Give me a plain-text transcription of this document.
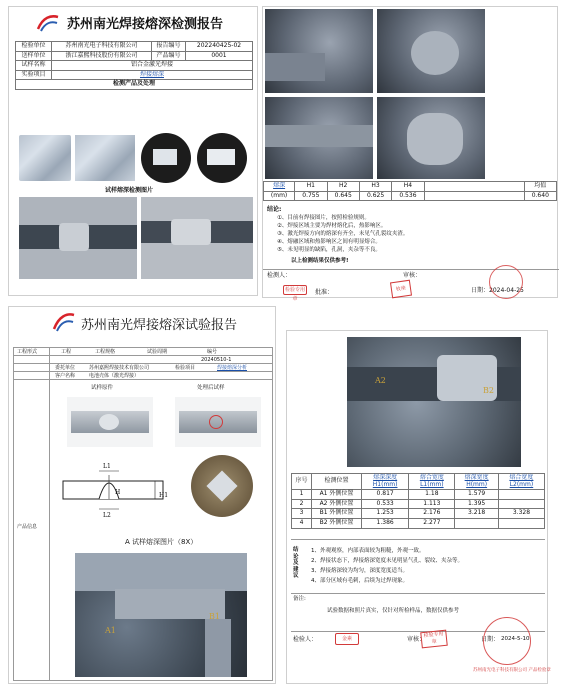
苏州南光焊接熔深检测报告
检验单位	苏州南光电子科技有限公司	报告编号	202240425-02
送样单位	浙江嘉熙科技股份有限公司	产品编号	0001
试样名称	铝合金激光焊接		
实验项目	焊接熔深		
检测产品及处理			
试样熔深检测图片
熔深	H1	H2	H3	H4		均值
(mm)	0.755	0.645	0.625	0.536		0.640
结论:
①、目前有焊接图片，按照检验规则。
②、焊接区域主要为焊材熔化后，热影响区。
③、激光焊接方向的熔深有齐全，未见气孔裂纹夹渣。
④、熔融区域和热影响区之间有明显熔合。
⑤、未见明显的缺陷，孔洞，夹杂等不良。
以上检测结果仅供参考!
检测人：	审核：
批准：
检验专用章
枚座	日期：2024-04-25
苏州南光焊接熔深试验报告
工程形式	工程	工程规格	试验周期	编号
20240510-1
委托单位	苏州嘉熙焊接技术有限公司	检验项目	焊接熔深分析
客户名称	电池壳体（激光焊接）
产品信息
试样原件	处理后试样
L1
H	H1
L2
A 试样熔深图片（8X）
A1
B1
A2
B2
序号	检测位置	熔深深度H1(mm)	熔合宽度L1(mm)	熔深宽度H(mm)	熔合宽度L2(mm)
1	A1 外侧位置	0.817	1.18	1.579	
2	A2 外侧位置	0.533	1.113	1.395	
3	B1 外侧位置	1.253	2.176	3.218	3.328
4	B2 外侧位置	1.386	2.277		
结论及建议
1、外观观察，内部表面较为粗糙，外观一致。
2、焊接状态下，焊接熔深宽度未见明显气孔、裂纹、夹杂等。
3、焊接熔深较为均匀，深度宽度适当。
4、部分区域有毛刺，后续为过焊现象。
备注:
试验数据和照片真实，仅针对所检样品，数据仅供参考
检验人：	审核：	日期： 2024-5-10
金素	检验专用章
苏州南光电子科技有限公司 产品检验章
